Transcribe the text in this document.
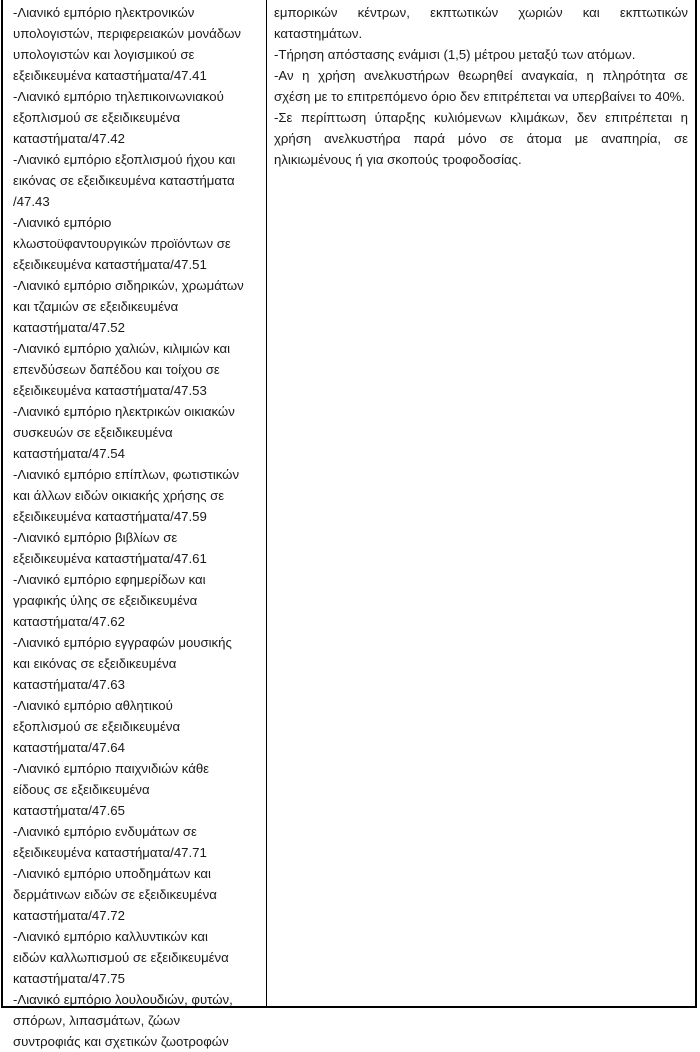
-Λιανικό εμπόριο ηλεκτρονικών
υπολογιστών, περιφερειακών μονάδων
υπολογιστών και λογισμικού σε
εξειδικευμένα καταστήματα/47.41
-Λιανικό εμπόριο τηλεπικοινωνιακού
εξοπλισμού σε εξειδικευμένα
καταστήματα/47.42
-Λιανικό εμπόριο εξοπλισμού ήχου και
εικόνας σε εξειδικευμένα καταστήματα
/47.43
-Λιανικό εμπόριο
κλωστοϋφαντουργικών προϊόντων σε
εξειδικευμένα καταστήματα/47.51
-Λιανικό εμπόριο σιδηρικών, χρωμάτων
και τζαμιών σε εξειδικευμένα
καταστήματα/47.52
-Λιανικό εμπόριο χαλιών, κιλιμιών και
επενδύσεων δαπέδου και τοίχου σε
εξειδικευμένα καταστήματα/47.53
-Λιανικό εμπόριο ηλεκτρικών οικιακών
συσκευών σε εξειδικευμένα
καταστήματα/47.54
-Λιανικό εμπόριο επίπλων, φωτιστικών
και άλλων ειδών οικιακής χρήσης σε
εξειδικευμένα καταστήματα/47.59
-Λιανικό εμπόριο βιβλίων σε
εξειδικευμένα καταστήματα/47.61
-Λιανικό εμπόριο εφημερίδων και
γραφικής ύλης σε εξειδικευμένα
καταστήματα/47.62
-Λιανικό εμπόριο εγγραφών μουσικής
και εικόνας σε εξειδικευμένα
καταστήματα/47.63
-Λιανικό εμπόριο αθλητικού
εξοπλισμού σε εξειδικευμένα
καταστήματα/47.64
-Λιανικό εμπόριο παιχνιδιών κάθε
είδους σε εξειδικευμένα
καταστήματα/47.65
-Λιανικό εμπόριο ενδυμάτων σε
εξειδικευμένα καταστήματα/47.71
-Λιανικό εμπόριο υποδημάτων και
δερμάτινων ειδών σε εξειδικευμένα
καταστήματα/47.72
-Λιανικό εμπόριο καλλυντικών και
ειδών καλλωπισμού σε εξειδικευμένα
καταστήματα/47.75
-Λιανικό εμπόριο λουλουδιών, φυτών,
σπόρων, λιπασμάτων, ζώων
συντροφιάς και σχετικών ζωοτροφών

εμπορικών κέντρων, εκπτωτικών χωριών και εκπτωτικών καταστημάτων.

-Τήρηση απόστασης ενάμισι (1,5) μέτρου μεταξύ των ατόμων.

-Αν η χρήση ανελκυστήρων θεωρηθεί αναγκαία, η πληρότητα σε σχέση με το επιτρεπόμενο όριο δεν επιτρέπεται να υπερβαίνει το 40%.

-Σε περίπτωση ύπαρξης κυλιόμενων κλιμάκων, δεν επιτρέπεται η χρήση ανελκυστήρα παρά μόνο σε άτομα με αναπηρία, σε ηλικιωμένους ή για σκοπούς τροφοδοσίας.
